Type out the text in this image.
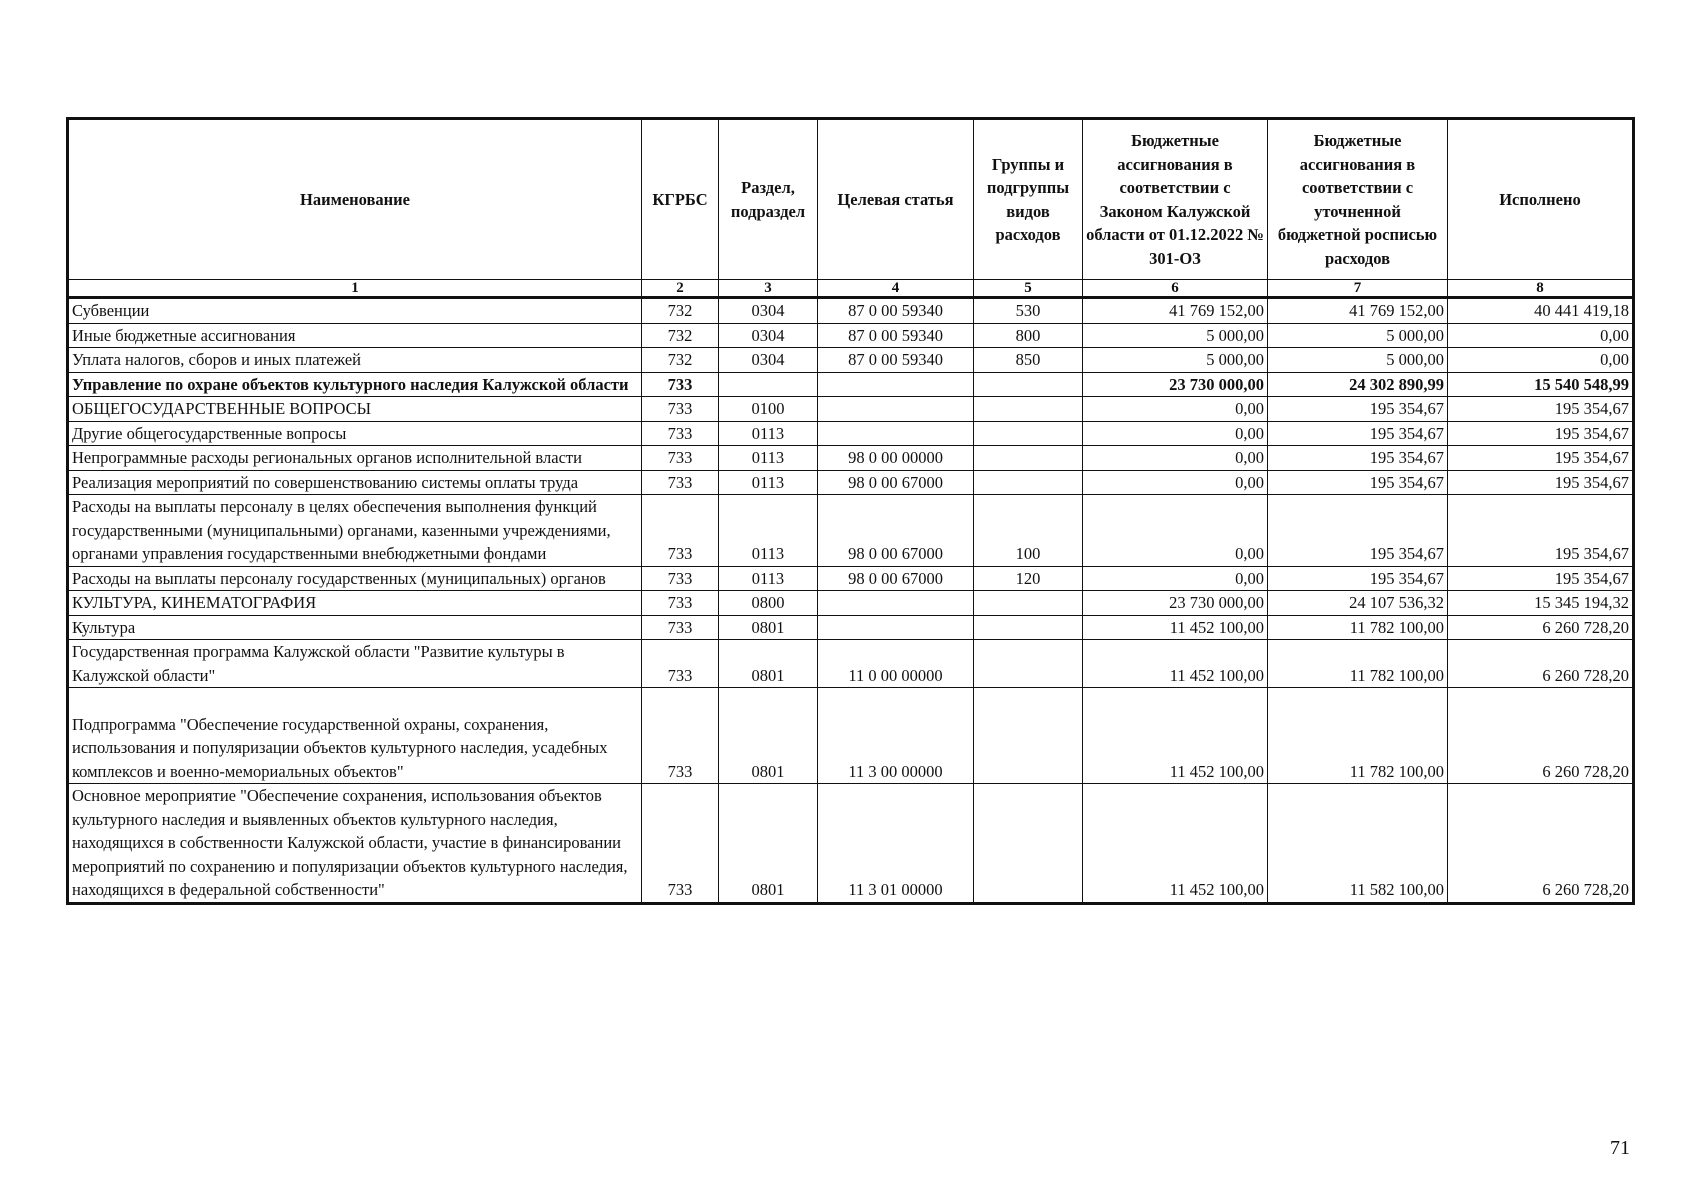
Наименование	КГРБС	Раздел, подраздел	Целевая статья	Группы и подгруппы видов расходов	Бюджетные ассигнования в соответствии с Законом Калужской области от 01.12.2022 № 301-ОЗ	Бюджетные ассигнования в соответствии с уточненной бюджетной росписью расходов	Исполнено
1	2	3	4	5	6	7	8
Субвенции	732	0304	87 0 00 59340	530	41 769 152,00	41 769 152,00	40 441 419,18
Иные бюджетные ассигнования	732	0304	87 0 00 59340	800	5 000,00	5 000,00	0,00
Уплата налогов, сборов и иных платежей	732	0304	87 0 00 59340	850	5 000,00	5 000,00	0,00
Управление по охране объектов культурного наследия Калужской области	733				23 730 000,00	24 302 890,99	15 540 548,99
ОБЩЕГОСУДАРСТВЕННЫЕ ВОПРОСЫ	733	0100			0,00	195 354,67	195 354,67
Другие общегосударственные вопросы	733	0113			0,00	195 354,67	195 354,67
Непрограммные расходы региональных органов исполнительной власти	733	0113	98 0 00 00000		0,00	195 354,67	195 354,67
Реализация мероприятий по совершенствованию системы оплаты труда	733	0113	98 0 00 67000		0,00	195 354,67	195 354,67
Расходы на выплаты персоналу в целях обеспечения выполнения функций государственными (муниципальными) органами, казенными учреждениями, органами управления государственными внебюджетными фондами	733	0113	98 0 00 67000	100	0,00	195 354,67	195 354,67
Расходы на выплаты персоналу государственных (муниципальных) органов	733	0113	98 0 00 67000	120	0,00	195 354,67	195 354,67
КУЛЬТУРА, КИНЕМАТОГРАФИЯ	733	0800			23 730 000,00	24 107 536,32	15 345 194,32
Культура	733	0801			11 452 100,00	11 782 100,00	6 260 728,20
Государственная программа Калужской области "Развитие культуры в Калужской области"	733	0801	11 0 00 00000		11 452 100,00	11 782 100,00	6 260 728,20
Подпрограмма "Обеспечение государственной охраны, сохранения, использования и популяризации объектов культурного наследия, усадебных комплексов и военно-мемориальных объектов"	733	0801	11 3 00 00000		11 452 100,00	11 782 100,00	6 260 728,20
Основное мероприятие "Обеспечение сохранения, использования объектов культурного наследия и выявленных объектов культурного наследия, находящихся в собственности Калужской области, участие в финансировании мероприятий по сохранению и популяризации объектов культурного наследия, находящихся в федеральной собственности"	733	0801	11 3 01 00000		11 452 100,00	11 582 100,00	6 260 728,20
71
